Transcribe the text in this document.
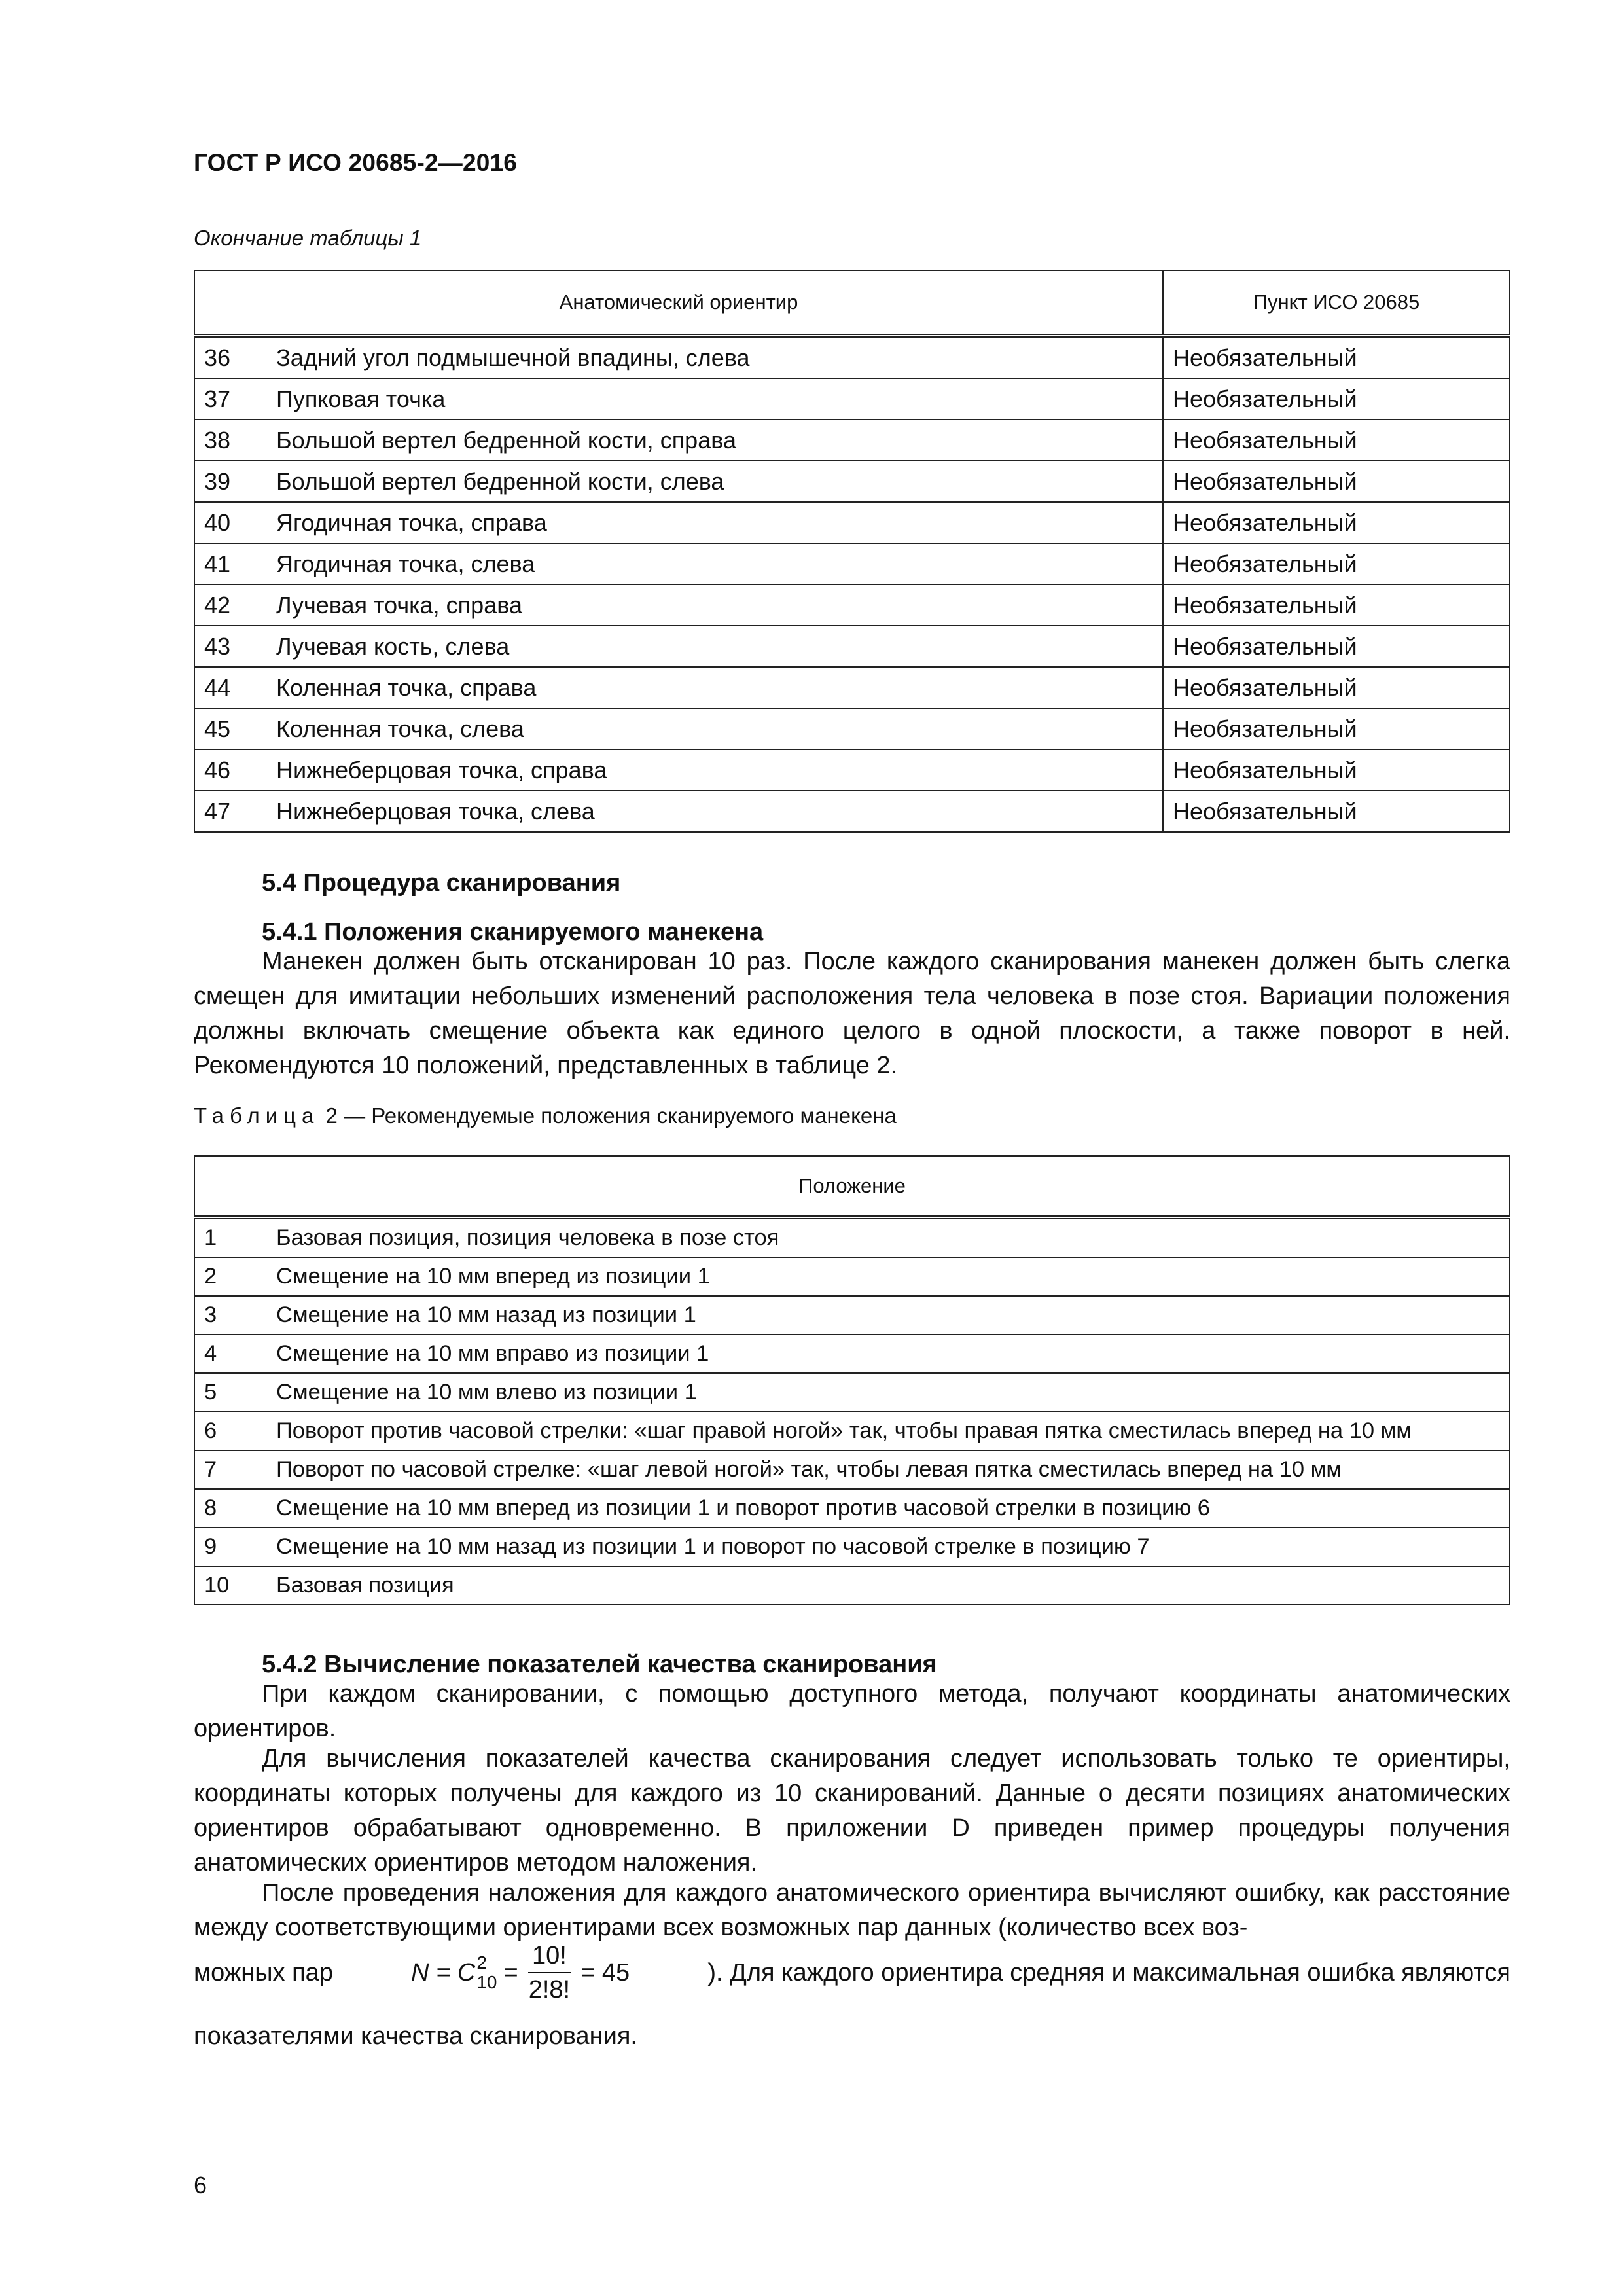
ГОСТ Р ИСО 20685-2—2016
Окончание таблицы 1
Анатомический ориентир		Пункт ИСО 20685
36	Задний угол подмышечной впадины, слева	Необязательный
37	Пупковая точка	Необязательный
38	Большой вертел бедренной кости, справа	Необязательный
39	Большой вертел бедренной кости, слева	Необязательный
40	Ягодичная точка, справа	Необязательный
41	Ягодичная точка, слева	Необязательный
42	Лучевая точка, справа	Необязательный
43	Лучевая кость, слева	Необязательный
44	Коленная точка, справа	Необязательный
45	Коленная точка, слева	Необязательный
46	Нижнеберцовая точка, справа	Необязательный
47	Нижнеберцовая точка, слева	Необязательный
5.4 Процедура сканирования
5.4.1 Положения сканируемого манекена
Манекен должен быть отсканирован 10 раз. После каждого сканирования манекен должен быть слегка смещен для имитации небольших изменений расположения тела человека в позе стоя. Вариации положения должны включать смещение объекта как единого целого в одной плоскости, а также поворот в ней. Рекомендуются 10 положений, представленных в таблице 2.
Таблица 2 — Рекомендуемые положения сканируемого манекена
Положение	
1	Базовая позиция, позиция человека в позе стоя
2	Смещение на 10 мм вперед из позиции 1
3	Смещение на 10 мм назад из позиции 1
4	Смещение на 10 мм вправо из позиции 1
5	Смещение на 10 мм влево из позиции 1
6	Поворот против часовой стрелки: «шаг правой ногой» так, чтобы правая пятка сместилась вперед на 10 мм
7	Поворот по часовой стрелке: «шаг левой ногой» так, чтобы левая пятка сместилась вперед на 10 мм
8	Смещение на 10 мм вперед из позиции 1 и поворот против часовой стрелки в позицию 6
9	Смещение на 10 мм назад из позиции 1 и поворот по часовой стрелке в позицию 7
10	Базовая позиция
5.4.2 Вычисление показателей качества сканирования
При каждом сканировании, с помощью доступного метода, получают координаты анатомических ориентиров.
Для вычисления показателей качества сканирования следует использовать только те ориентиры, координаты которых получены для каждого из 10 сканирований. Данные о десяти позициях анатомических ориентиров обрабатывают одновременно. В приложении D приведен пример процедуры получения анатомических ориентиров методом наложения.
После проведения наложения для каждого анатомического ориентира вычисляют ошибку, как расстояние между соответствующими ориентирами всех возможных пар данных (количество всех воз-
можных пар	N = C 2
$10 = \frac{10!}{2!8!} = 45$	). Для каждого ориентира средняя и максимальная ошибка являются
показателями качества сканирования.
6
